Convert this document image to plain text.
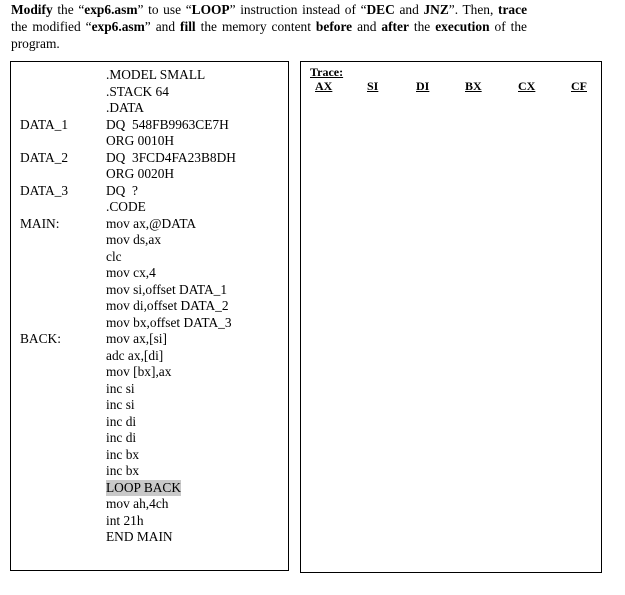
Modify the “exp6.asm” to use “LOOP” instruction instead of “DEC and JNZ”. Then, trace the modified “exp6.asm” and fill the memory content before and after the execution of the program.
.MODEL SMALL
.STACK 64
.DATA
DATA_1	DQ  548FB9963CE7H
ORG 0010H
DATA_2	DQ  3FCD4FA23B8DH
ORG 0020H
DATA_3	DQ  ?
.CODE
MAIN:	mov ax,@DATA
mov ds,ax
clc
mov cx,4
mov si,offset DATA_1
mov di,offset DATA_2
mov bx,offset DATA_3
BACK:	mov ax,[si]
adc ax,[di]
mov [bx],ax
inc si
inc si
inc di
inc di
inc bx
inc bx
LOOP BACK
mov ah,4ch
int 21h
END MAIN
Trace:
AX	SI	DI	BX	CX	CF
